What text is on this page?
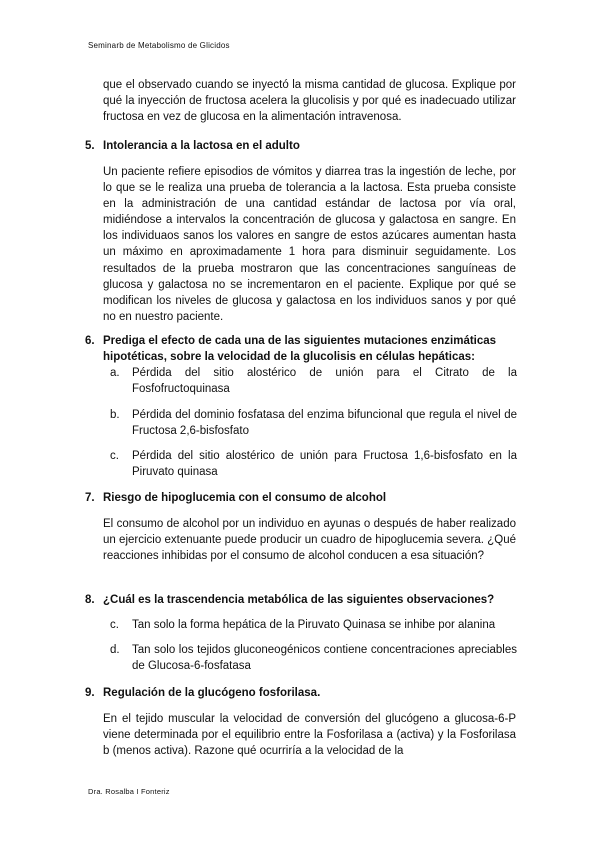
Seminarb de Metabolismo de Glicidos

que el observado cuando se inyectó la misma cantidad de glucosa. Explique por qué la inyección de fructosa acelera la glucolisis y por qué es inadecuado utilizar fructosa en vez de glucosa en la alimentación intravenosa.

5. Intolerancia a la lactosa en el adulto

Un paciente refiere episodios de vómitos y diarrea tras la ingestión de leche, por lo que se le realiza una prueba de tolerancia a la lactosa. Esta prueba consiste en la administración de una cantidad estándar de lactosa por vía oral, midiéndose a intervalos la concentración de glucosa y galactosa en sangre. En los individuaos sanos los valores en sangre de estos azúcares aumentan hasta un máximo en aproximadamente 1 hora para disminuir seguidamente. Los resultados de la prueba mostraron que las concentraciones sanguíneas de glucosa y galactosa no se incrementaron en el paciente. Explique por qué se modifican los niveles de glucosa y galactosa en los individuos sanos y por qué no en nuestro paciente.

6. Prediga el efecto de cada una de las siguientes mutaciones enzimáticas hipotéticas, sobre la velocidad de la glucolisis en células hepáticas:
a. Pérdida del sitio alostérico de unión para el Citrato de la Fosfofructoquinasa
b. Pérdida del dominio fosfatasa del enzima bifuncional que regula el nivel de Fructosa 2,6-bisfosfato
c. Pérdida del sitio alostérico de unión para Fructosa 1,6-bisfosfato en la Piruvato quinasa
7. Riesgo de hipoglucemia con el consumo de alcohol

El consumo de alcohol por un individuo en ayunas o después de haber realizado un ejercicio extenuante puede producir un cuadro de hipoglucemia severa. ¿Qué reacciones inhibidas por el consumo de alcohol conducen a esa situación?

8. ¿Cuál es la trascendencia metabólica de las siguientes observaciones?
c. Tan solo la forma hepática de la Piruvato Quinasa se inhibe por alanina
d. Tan solo los tejidos gluconeogénicos contiene concentraciones apreciables de Glucosa-6-fosfatasa
9. Regulación de la glucógeno fosforilasa.

En el tejido muscular la velocidad de conversión del glucógeno a glucosa-6-P viene determinada por el equilibrio entre la Fosforilasa a (activa) y la Fosforilasa b (menos activa). Razone qué ocurriría a la velocidad de la

Dra. Rosalba I Fonteriz
